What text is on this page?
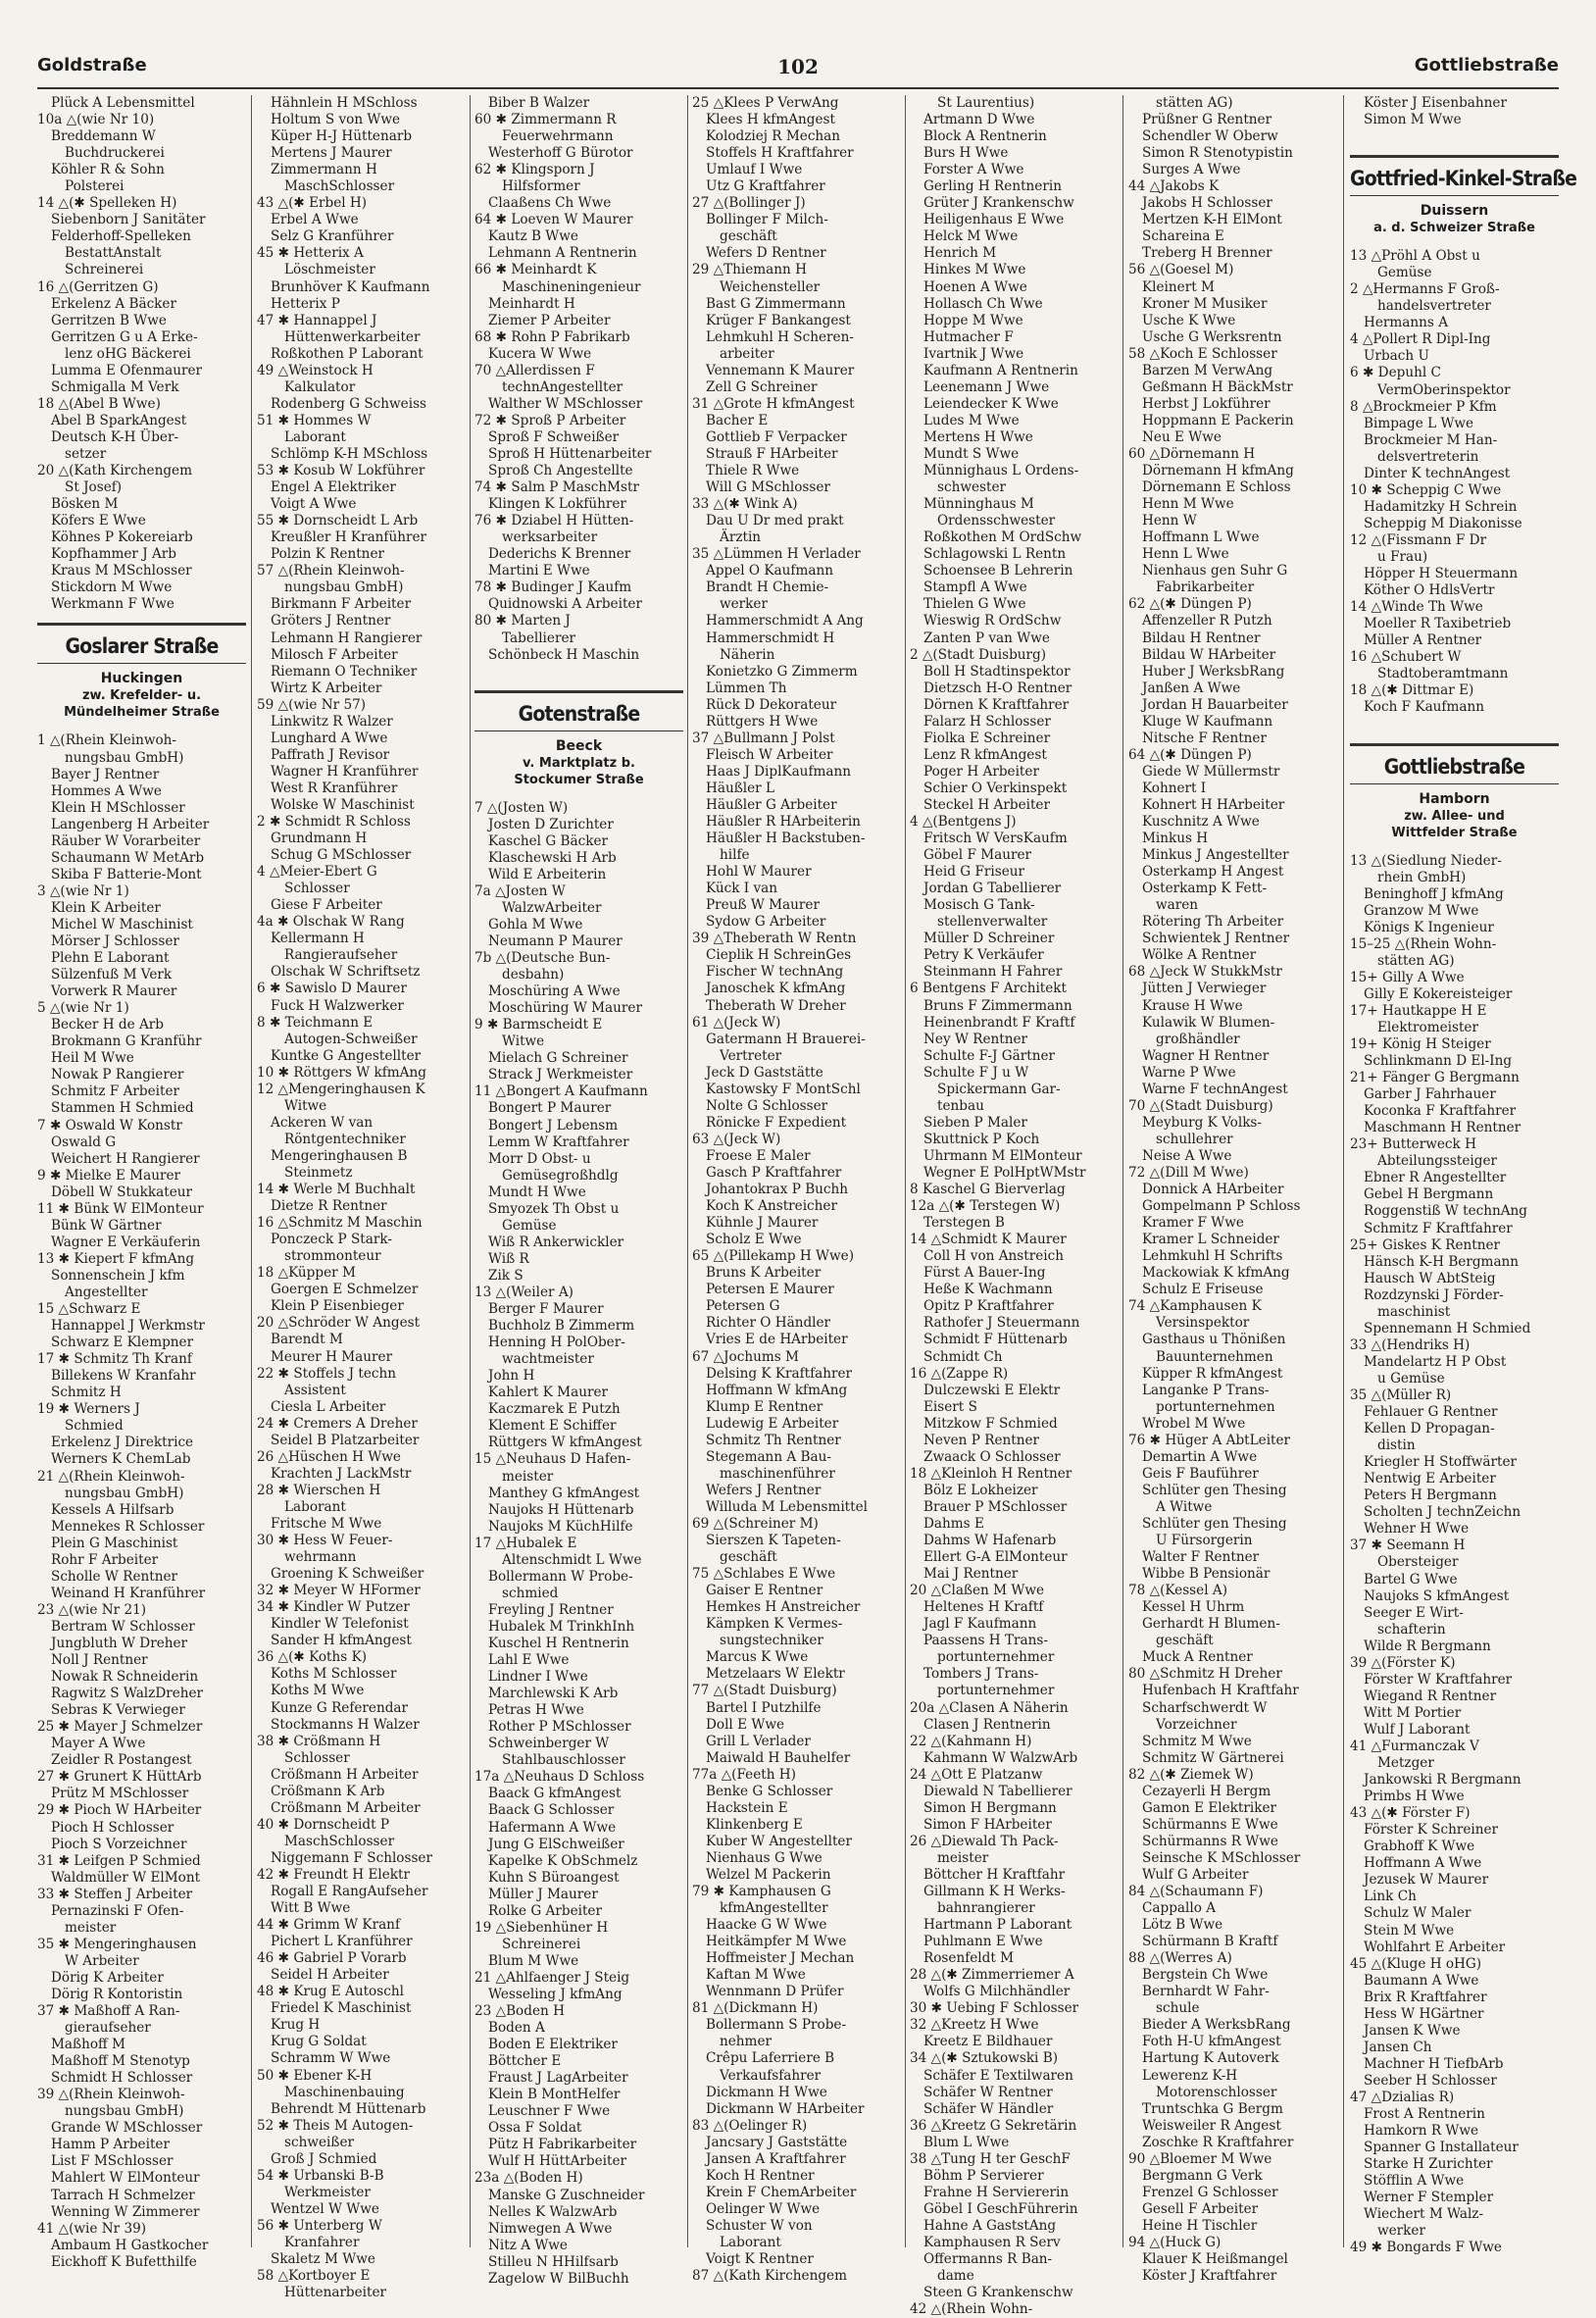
Goldstraße	102	Gottliebstraße
Plück A Lebensmittel
10a △(wie Nr 10)
Breddemann W
Buchdruckerei
Köhler R & Sohn
Polsterei
14 △(✱ Spelleken H)
Siebenborn J Sanitäter
Felderhoff-Spelleken
BestattAnstalt
Schreinerei
16 △(Gerritzen G)
Erkelenz A Bäcker
Gerritzen B Wwe
Gerritzen G u A Erke-
lenz oHG Bäckerei
Lumma E Ofenmaurer
Schmigalla M Verk
18 △(Abel B Wwe)
Abel B SparkAngest
Deutsch K-H Über-
setzer
20 △(Kath Kirchengem
St Josef)
Bösken M
Köfers E Wwe
Köhnes P Kokereiarb
Kopfhammer J Arb
Kraus M MSchlosser
Stickdorn M Wwe
Werkmann F Wwe
Goslarer Straße
Huckingen
zw. Krefelder- u.
Mündelheimer Straße
1 △(Rhein Kleinwoh-
nungsbau GmbH)
Bayer J Rentner
Hommes A Wwe
Klein H MSchlosser
Langenberg H Arbeiter
Räuber W Vorarbeiter
Schaumann W MetArb
Skiba F Batterie-Mont
3 △(wie Nr 1)
Klein K Arbeiter
Michel W Maschinist
Mörser J Schlosser
Plehn E Laborant
Sülzenfuß M Verk
Vorwerk R Maurer
5 △(wie Nr 1)
Becker H de Arb
Brokmann G Kranführ
Heil M Wwe
Nowak P Rangierer
Schmitz F Arbeiter
Stammen H Schmied
7 ✱ Oswald W Konstr
Oswald G
Weichert H Rangierer
9 ✱ Mielke E Maurer
Döbell W Stukkateur
11 ✱ Bünk W ElMonteur
Bünk W Gärtner
Wagner E Verkäuferin
13 ✱ Kiepert F kfmAng
Sonnenschein J kfm
Angestellter
15 △Schwarz E
Hannappel J Werkmstr
Schwarz E Klempner
17 ✱ Schmitz Th Kranf
Billekens W Kranfahr
Schmitz H
19 ✱ Werners J
Schmied
Erkelenz J Direktrice
Werners K ChemLab
21 △(Rhein Kleinwoh-
nungsbau GmbH)
Kessels A Hilfsarb
Mennekes R Schlosser
Plein G Maschinist
Rohr F Arbeiter
Scholle W Rentner
Weinand H Kranführer
23 △(wie Nr 21)
Bertram W Schlosser
Jungbluth W Dreher
Noll J Rentner
Nowak R Schneiderin
Ragwitz S WalzDreher
Sebras K Verwieger
25 ✱ Mayer J Schmelzer
Mayer A Wwe
Zeidler R Postangest
27 ✱ Grunert K HüttArb
Prütz M MSchlosser
29 ✱ Pioch W HArbeiter
Pioch H Schlosser
Pioch S Vorzeichner
31 ✱ Leifgen P Schmied
Waldmüller W ElMont
33 ✱ Steffen J Arbeiter
Pernazinski F Ofen-
meister
35 ✱ Mengeringhausen
W Arbeiter
Dörig K Arbeiter
Dörig R Kontoristin
37 ✱ Maßhoff A Ran-
gieraufseher
Maßhoff M
Maßhoff M Stenotyp
Schmidt H Schlosser
39 △(Rhein Kleinwoh-
nungsbau GmbH)
Grande W MSchlosser
Hamm P Arbeiter
List F MSchlosser
Mahlert W ElMonteur
Tarrach H Schmelzer
Wenning W Zimmerer
41 △(wie Nr 39)
Ambaum H Gastkocher
Eickhoff K Bufetthilfe
Hähnlein H MSchloss
Holtum S von Wwe
Küper H-J Hüttenarb
Mertens J Maurer
Zimmermann H
MaschSchlosser
43 △(✱ Erbel H)
Erbel A Wwe
Selz G Kranführer
45 ✱ Hetterix A
Löschmeister
Brunhöver K Kaufmann
Hetterix P
47 ✱ Hannappel J
Hüttenwerkarbeiter
Roßkothen P Laborant
49 △Weinstock H
Kalkulator
Rodenberg G Schweiss
51 ✱ Hommes W
Laborant
Schlömp K-H MSchloss
53 ✱ Kosub W Lokführer
Engel A Elektriker
Voigt A Wwe
55 ✱ Dornscheidt L Arb
Kreußler H Kranführer
Polzin K Rentner
57 △(Rhein Kleinwoh-
nungsbau GmbH)
Birkmann F Arbeiter
Gröters J Rentner
Lehmann H Rangierer
Milosch F Arbeiter
Riemann O Techniker
Wirtz K Arbeiter
59 △(wie Nr 57)
Linkwitz R Walzer
Lunghard A Wwe
Paffrath J Revisor
Wagner H Kranführer
West R Kranführer
Wolske W Maschinist
2 ✱ Schmidt R Schloss
Grundmann H
Schug G MSchlosser
4 △Meier-Ebert G
Schlosser
Giese F Arbeiter
4a ✱ Olschak W Rang
Kellermann H
Rangieraufseher
Olschak W Schriftsetz
6 ✱ Sawislo D Maurer
Fuck H Walzwerker
8 ✱ Teichmann E
Autogen-Schweißer
Kuntke G Angestellter
10 ✱ Röttgers W kfmAng
12 △Mengeringhausen K
Witwe
Ackeren W van
Röntgentechniker
Mengeringhausen B
Steinmetz
14 ✱ Werle M Buchhalt
Dietze R Rentner
16 △Schmitz M Maschin
Ponczeck P Stark-
strommonteur
18 △Küpper M
Goergen E Schmelzer
Klein P Eisenbieger
20 △Schröder W Angest
Barendt M
Meurer H Maurer
22 ✱ Stoffels J techn
Assistent
Ciesla L Arbeiter
24 ✱ Cremers A Dreher
Seidel B Platzarbeiter
26 △Hüschen H Wwe
Krachten J LackMstr
28 ✱ Wierschen H
Laborant
Fritsche M Wwe
30 ✱ Hess W Feuer-
wehrmann
Groening K Schweißer
32 ✱ Meyer W HFormer
34 ✱ Kindler W Putzer
Kindler W Telefonist
Sander H kfmAngest
36 △(✱ Koths K)
Koths M Schlosser
Koths M Wwe
Kunze G Referendar
Stockmanns H Walzer
38 ✱ Crößmann H
Schlosser
Crößmann H Arbeiter
Crößmann K Arb
Crößmann M Arbeiter
40 ✱ Dornscheidt P
MaschSchlosser
Niggemann F Schlosser
42 ✱ Freundt H Elektr
Rogall E RangAufseher
Witt B Wwe
44 ✱ Grimm W Kranf
Pichert L Kranführer
46 ✱ Gabriel P Vorarb
Seidel H Arbeiter
48 ✱ Krug E Autoschl
Friedel K Maschinist
Krug H
Krug G Soldat
Schramm W Wwe
50 ✱ Ebener K-H
Maschinenbauing
Behrendt M Hüttenarb
52 ✱ Theis M Autogen-
schweißer
Groß J Schmied
54 ✱ Urbanski B-B
Werkmeister
Wentzel W Wwe
56 ✱ Unterberg W
Kranfahrer
Skaletz M Wwe
58 △Kortboyer E
Hüttenarbeiter
Biber B Walzer
60 ✱ Zimmermann R
Feuerwehrmann
Westerhoff G Bürotor
62 ✱ Klingsporn J
Hilfsformer
Claaßens Ch Wwe
64 ✱ Loeven W Maurer
Kautz B Wwe
Lehmann A Rentnerin
66 ✱ Meinhardt K
Maschineningenieur
Meinhardt H
Ziemer P Arbeiter
68 ✱ Rohn P Fabrikarb
Kucera W Wwe
70 △Allerdissen F
technAngestellter
Walther W MSchlosser
72 ✱ Sproß P Arbeiter
Sproß F Schweißer
Sproß H Hüttenarbeiter
Sproß Ch Angestellte
74 ✱ Salm P MaschMstr
Klingen K Lokführer
76 ✱ Dziabel H Hütten-
werksarbeiter
Dederichs K Brenner
Martini E Wwe
78 ✱ Budinger J Kaufm
Quidnowski A Arbeiter
80 ✱ Marten J
Tabellierer
Schönbeck H Maschin
Gotenstraße
Beeck
v. Marktplatz b.
Stockumer Straße
7 △(Josten W)
Josten D Zurichter
Kaschel G Bäcker
Klaschewski H Arb
Wild E Arbeiterin
7a △Josten W
WalzwArbeiter
Gohla M Wwe
Neumann P Maurer
7b △(Deutsche Bun-
desbahn)
Moschüring A Wwe
Moschüring W Maurer
9 ✱ Barmscheidt E
Witwe
Mielach G Schreiner
Strack J Werkmeister
11 △Bongert A Kaufmann
Bongert P Maurer
Bongert J Lebensm
Lemm W Kraftfahrer
Morr D Obst- u
Gemüsegroßhdlg
Mundt H Wwe
Smyozek Th Obst u
Gemüse
Wiß R Ankerwickler
Wiß R
Zik S
13 △(Weiler A)
Berger F Maurer
Buchholz B Zimmerm
Henning H PolOber-
wachtmeister
John H
Kahlert K Maurer
Kaczmarek E Putzh
Klement E Schiffer
Rüttgers W kfmAngest
15 △Neuhaus D Hafen-
meister
Manthey G kfmAngest
Naujoks H Hüttenarb
Naujoks M KüchHilfe
17 △Hubalek E
Altenschmidt L Wwe
Bollermann W Probe-
schmied
Freyling J Rentner
Hubalek M TrinkhInh
Kuschel H Rentnerin
Lahl E Wwe
Lindner I Wwe
Marchlewski K Arb
Petras H Wwe
Rother P MSchlosser
Schweinberger W
Stahlbauschlosser
17a △Neuhaus D Schloss
Baack G kfmAngest
Baack G Schlosser
Hafermann A Wwe
Jung G ElSchweißer
Kapelke K ObSchmelz
Kuhn S Büroangest
Müller J Maurer
Rolke G Arbeiter
19 △Siebenhüner H
Schreinerei
Blum M Wwe
21 △Ahlfaenger J Steig
Wesseling J kfmAng
23 △Boden H
Boden A
Boden E Elektriker
Böttcher E
Fraust J LagArbeiter
Klein B MontHelfer
Leuschner F Wwe
Ossa F Soldat
Pütz H Fabrikarbeiter
Wulf H HüttArbeiter
23a △(Boden H)
Manske G Zuschneider
Nelles K WalzwArb
Nimwegen A Wwe
Nitz A Wwe
Stilleu N HHilfsarb
Zagelow W BilBuchh
25 △Klees P VerwAng
Klees H kfmAngest
Kolodziej R Mechan
Stoffels H Kraftfahrer
Umlauf I Wwe
Utz G Kraftfahrer
27 △(Bollinger J)
Bollinger F Milch-
geschäft
Wefers D Rentner
29 △Thiemann H
Weichensteller
Bast G Zimmermann
Krüger F Bankangest
Lehmkuhl H Scheren-
arbeiter
Vennemann K Maurer
Zell G Schreiner
31 △Grote H kfmAngest
Bacher E
Gottlieb F Verpacker
Strauß F HArbeiter
Thiele R Wwe
Will G MSchlosser
33 △(✱ Wink A)
Dau U Dr med prakt
Ärztin
35 △Lümmen H Verlader
Appel O Kaufmann
Brandt H Chemie-
werker
Hammerschmidt A Ang
Hammerschmidt H
Näherin
Konietzko G Zimmerm
Lümmen Th
Rück D Dekorateur
Rüttgers H Wwe
37 △Bullmann J Polst
Fleisch W Arbeiter
Haas J DiplKaufmann
Häußler L
Häußler G Arbeiter
Häußler R HArbeiterin
Häußler H Backstuben-
hilfe
Hohl W Maurer
Kück I van
Preuß W Maurer
Sydow G Arbeiter
39 △Theberath W Rentn
Cieplik H SchreinGes
Fischer W technAng
Janoschek K kfmAng
Theberath W Dreher
61 △(Jeck W)
Gatermann H Brauerei-
Vertreter
Jeck D Gaststätte
Kastowsky F MontSchl
Nolte G Schlosser
Rönicke F Expedient
63 △(Jeck W)
Froese E Maler
Gasch P Kraftfahrer
Johantokrax P Buchh
Koch K Anstreicher
Kühnle J Maurer
Scholz E Wwe
65 △(Pillekamp H Wwe)
Bruns K Arbeiter
Petersen E Maurer
Petersen G
Richter O Händler
Vries E de HArbeiter
67 △Jochums M
Delsing K Kraftfahrer
Hoffmann W kfmAng
Klump E Rentner
Ludewig E Arbeiter
Schmitz Th Rentner
Stegemann A Bau-
maschinenführer
Wefers J Rentner
Willuda M Lebensmittel
69 △(Schreiner M)
Sierszen K Tapeten-
geschäft
75 △Schlabes E Wwe
Gaiser E Rentner
Hemkes H Anstreicher
Kämpken K Vermes-
sungstechniker
Marcus K Wwe
Metzelaars W Elektr
77 △(Stadt Duisburg)
Bartel I Putzhilfe
Doll E Wwe
Grill L Verlader
Maiwald H Bauhelfer
77a △(Feeth H)
Benke G Schlosser
Hackstein E
Klinkenberg E
Kuber W Angestellter
Nienhaus G Wwe
Welzel M Packerin
79 ✱ Kamphausen G
kfmAngestellter
Haacke G W Wwe
Heitkämpfer M Wwe
Hoffmeister J Mechan
Kaftan M Wwe
Wennmann D Prüfer
81 △(Dickmann H)
Bollermann S Probe-
nehmer
Crêpu Laferriere B
Verkaufsfahrer
Dickmann H Wwe
Dickmann W HArbeiter
83 △(Oelinger R)
Jancsary J Gaststätte
Jansen A Kraftfahrer
Koch H Rentner
Krein F ChemArbeiter
Oelinger W Wwe
Schuster W von
Laborant
Voigt K Rentner
87 △(Kath Kirchengem
St Laurentius)
Artmann D Wwe
Block A Rentnerin
Burs H Wwe
Forster A Wwe
Gerling H Rentnerin
Grüter J Krankenschw
Heiligenhaus E Wwe
Helck M Wwe
Henrich M
Hinkes M Wwe
Hoenen A Wwe
Hollasch Ch Wwe
Hoppe M Wwe
Hutmacher F
Ivartnik J Wwe
Kaufmann A Rentnerin
Leenemann J Wwe
Leiendecker K Wwe
Ludes M Wwe
Mertens H Wwe
Mundt S Wwe
Münnighaus L Ordens-
schwester
Münninghaus M
Ordensschwester
Roßkothen M OrdSchw
Schlagowski L Rentn
Schoensee B Lehrerin
Stampfl A Wwe
Thielen G Wwe
Wieswig R OrdSchw
Zanten P van Wwe
2 △(Stadt Duisburg)
Boll H Stadtinspektor
Dietzsch H-O Rentner
Dörnen K Kraftfahrer
Falarz H Schlosser
Fiolka E Schreiner
Lenz R kfmAngest
Poger H Arbeiter
Schier O Verkinspekt
Steckel H Arbeiter
4 △(Bentgens J)
Fritsch W VersKaufm
Göbel F Maurer
Heid G Friseur
Jordan G Tabellierer
Mosisch G Tank-
stellenverwalter
Müller D Schreiner
Petry K Verkäufer
Steinmann H Fahrer
6 Bentgens F Architekt
Bruns F Zimmermann
Heinenbrandt F Kraftf
Ney W Rentner
Schulte F-J Gärtner
Schulte F J u W
Spickermann Gar-
tenbau
Sieben P Maler
Skuttnick P Koch
Uhrmann M ElMonteur
Wegner E PolHptWMstr
8 Kaschel G Bierverlag
12a △(✱ Terstegen W)
Terstegen B
14 △Schmidt K Maurer
Coll H von Anstreich
Fürst A Bauer-Ing
Heße K Wachmann
Opitz P Kraftfahrer
Rathofer J Steuermann
Schmidt F Hüttenarb
Schmidt Ch
16 △(Zappe R)
Dulczewski E Elektr
Eisert S
Mitzkow F Schmied
Neven P Rentner
Zwaack O Schlosser
18 △Kleinloh H Rentner
Bölz E Lokheizer
Brauer P MSchlosser
Dahms E
Dahms W Hafenarb
Ellert G-A ElMonteur
Mai J Rentner
20 △Claßen M Wwe
Heltenes H Kraftf
Jagl F Kaufmann
Paassens H Trans-
portunternehmer
Tombers J Trans-
portunternehmer
20a △Clasen A Näherin
Clasen J Rentnerin
22 △(Kahmann H)
Kahmann W WalzwArb
24 △Ott E Platzanw
Diewald N Tabellierer
Simon H Bergmann
Simon F HArbeiter
26 △Diewald Th Pack-
meister
Böttcher H Kraftfahr
Gillmann K H Werks-
bahnrangierer
Hartmann P Laborant
Puhlmann E Wwe
Rosenfeldt M
28 △(✱ Zimmerriemer A
Wolfs G Milchhändler
30 ✱ Uebing F Schlosser
32 △Kreetz H Wwe
Kreetz E Bildhauer
34 △(✱ Sztukowski B)
Schäfer E Textilwaren
Schäfer W Rentner
Schäfer W Händler
36 △Kreetz G Sekretärin
Blum L Wwe
38 △Tung H ter GeschF
Böhm P Servierer
Frahne H Serviererin
Göbel I GeschFührerin
Hahne A GaststAng
Kamphausen R Serv
Offermanns R Ban-
dame
Steen G Krankenschw
42 △(Rhein Wohn-
stätten AG)
Prüßner G Rentner
Schendler W Oberw
Simon R Stenotypistin
Surges A Wwe
44 △Jakobs K
Jakobs H Schlosser
Mertzen K-H ElMont
Schareina E
Treberg H Brenner
56 △(Goesel M)
Kleinert M
Kroner M Musiker
Usche K Wwe
Usche G Werksrentn
58 △Koch E Schlosser
Barzen M VerwAng
Geßmann H BäckMstr
Herbst J Lokführer
Hoppmann E Packerin
Neu E Wwe
60 △Dörnemann H
Dörnemann H kfmAng
Dörnemann E Schloss
Henn M Wwe
Henn W
Hoffmann L Wwe
Henn L Wwe
Nienhaus gen Suhr G
Fabrikarbeiter
62 △(✱ Düngen P)
Affenzeller R Putzh
Bildau H Rentner
Bildau W HArbeiter
Huber J WerksbRang
Janßen A Wwe
Jordan H Bauarbeiter
Kluge W Kaufmann
Nitsche F Rentner
64 △(✱ Düngen P)
Giede W Müllermstr
Kohnert I
Kohnert H HArbeiter
Kuschnitz A Wwe
Minkus H
Minkus J Angestellter
Osterkamp H Angest
Osterkamp K Fett-
waren
Rötering Th Arbeiter
Schwientek J Rentner
Wölke A Rentner
68 △Jeck W StukkMstr
Jütten J Verwieger
Krause H Wwe
Kulawik W Blumen-
großhändler
Wagner H Rentner
Warne P Wwe
Warne F technAngest
70 △(Stadt Duisburg)
Meyburg K Volks-
schullehrer
Neise A Wwe
72 △(Dill M Wwe)
Donnick A HArbeiter
Gompelmann P Schloss
Kramer F Wwe
Kramer L Schneider
Lehmkuhl H Schrifts
Mackowiak K kfmAng
Schulz E Friseuse
74 △Kamphausen K
Versinspektor
Gasthaus u Thönißen
Bauunternehmen
Küpper R kfmAngest
Langanke P Trans-
portunternehmen
Wrobel M Wwe
76 ✱ Hüger A AbtLeiter
Demartin A Wwe
Geis F Bauführer
Schlüter gen Thesing
A Witwe
Schlüter gen Thesing
U Fürsorgerin
Walter F Rentner
Wibbe B Pensionär
78 △(Kessel A)
Kessel H Uhrm
Gerhardt H Blumen-
geschäft
Muck A Rentner
80 △Schmitz H Dreher
Hufenbach H Kraftfahr
Scharfschwerdt W
Vorzeichner
Schmitz M Wwe
Schmitz W Gärtnerei
82 △(✱ Ziemek W)
Cezayerli H Bergm
Gamon E Elektriker
Schürmanns E Wwe
Schürmanns R Wwe
Seinsche K MSchlosser
Wulf G Arbeiter
84 △(Schaumann F)
Cappallo A
Lötz B Wwe
Schürmann B Kraftf
88 △(Werres A)
Bergstein Ch Wwe
Bernhardt W Fahr-
schule
Bieder A WerksbRang
Foth H-U kfmAngest
Hartung K Autoverk
Lewerenz K-H
Motorenschlosser
Truntschka G Bergm
Weisweiler R Angest
Zoschke R Kraftfahrer
90 △Bloemer M Wwe
Bergmann G Verk
Frenzel G Schlosser
Gesell F Arbeiter
Heine H Tischler
94 △(Huck G)
Klauer K Heißmangel
Köster J Kraftfahrer
Köster J Eisenbahner
Simon M Wwe
Gottfried-Kinkel-Straße
Duissern
a. d. Schweizer Straße
13 △Pröhl A Obst u
Gemüse
2 △Hermanns F Groß-
handelsvertreter
Hermanns A
4 △Pollert R Dipl-Ing
Urbach U
6 ✱ Depuhl C
VermOberinspektor
8 △Brockmeier P Kfm
Bimpage L Wwe
Brockmeier M Han-
delsvertreterin
Dinter K technAngest
10 ✱ Scheppig C Wwe
Hadamitzky H Schrein
Scheppig M Diakonisse
12 △(Fissmann F Dr
u Frau)
Höpper H Steuermann
Köther O HdlsVertr
14 △Winde Th Wwe
Moeller R Taxibetrieb
Müller A Rentner
16 △Schubert W
Stadtoberamtmann
18 △(✱ Dittmar E)
Koch F Kaufmann
Gottliebstraße
Hamborn
zw. Allee- und
Wittfelder Straße
13 △(Siedlung Nieder-
rhein GmbH)
Beninghoff J kfmAng
Granzow M Wwe
Königs K Ingenieur
15–25 △(Rhein Wohn-
stätten AG)
15+ Gilly A Wwe
Gilly E Kokereisteiger
17+ Hautkappe H E
Elektromeister
19+ König H Steiger
Schlinkmann D El-Ing
21+ Fänger G Bergmann
Garber J Fahrhauer
Koconka F Kraftfahrer
Maschmann H Rentner
23+ Butterweck H
Abteilungssteiger
Ebner R Angestellter
Gebel H Bergmann
Roggenstiß W technAng
Schmitz F Kraftfahrer
25+ Giskes K Rentner
Hänsch K-H Bergmann
Hausch W AbtSteig
Rozdzynski J Förder-
maschinist
Spennemann H Schmied
33 △(Hendriks H)
Mandelartz H P Obst
u Gemüse
35 △(Müller R)
Fehlauer G Rentner
Kellen D Propagan-
distin
Kriegler H Stoffwärter
Nentwig E Arbeiter
Peters H Bergmann
Scholten J technZeichn
Wehner H Wwe
37 ✱ Seemann H
Obersteiger
Bartel G Wwe
Naujoks S kfmAngest
Seeger E Wirt-
schafterin
Wilde R Bergmann
39 △(Förster K)
Förster W Kraftfahrer
Wiegand R Rentner
Witt M Portier
Wulf J Laborant
41 △Furmanczak V
Metzger
Jankowski R Bergmann
Primbs H Wwe
43 △(✱ Förster F)
Förster K Schreiner
Grabhoff K Wwe
Hoffmann A Wwe
Jezusek W Maurer
Link Ch
Schulz W Maler
Stein M Wwe
Wohlfahrt E Arbeiter
45 △(Kluge H oHG)
Baumann A Wwe
Brix R Kraftfahrer
Hess W HGärtner
Jansen K Wwe
Jansen Ch
Machner H TiefbArb
Seeber H Schlosser
47 △Dzialias R)
Frost A Rentnerin
Hamkorn R Wwe
Spanner G Installateur
Starke H Zurichter
Stöfflin A Wwe
Werner F Stempler
Wiechert M Walz-
werker
49 ✱ Bongards F Wwe
